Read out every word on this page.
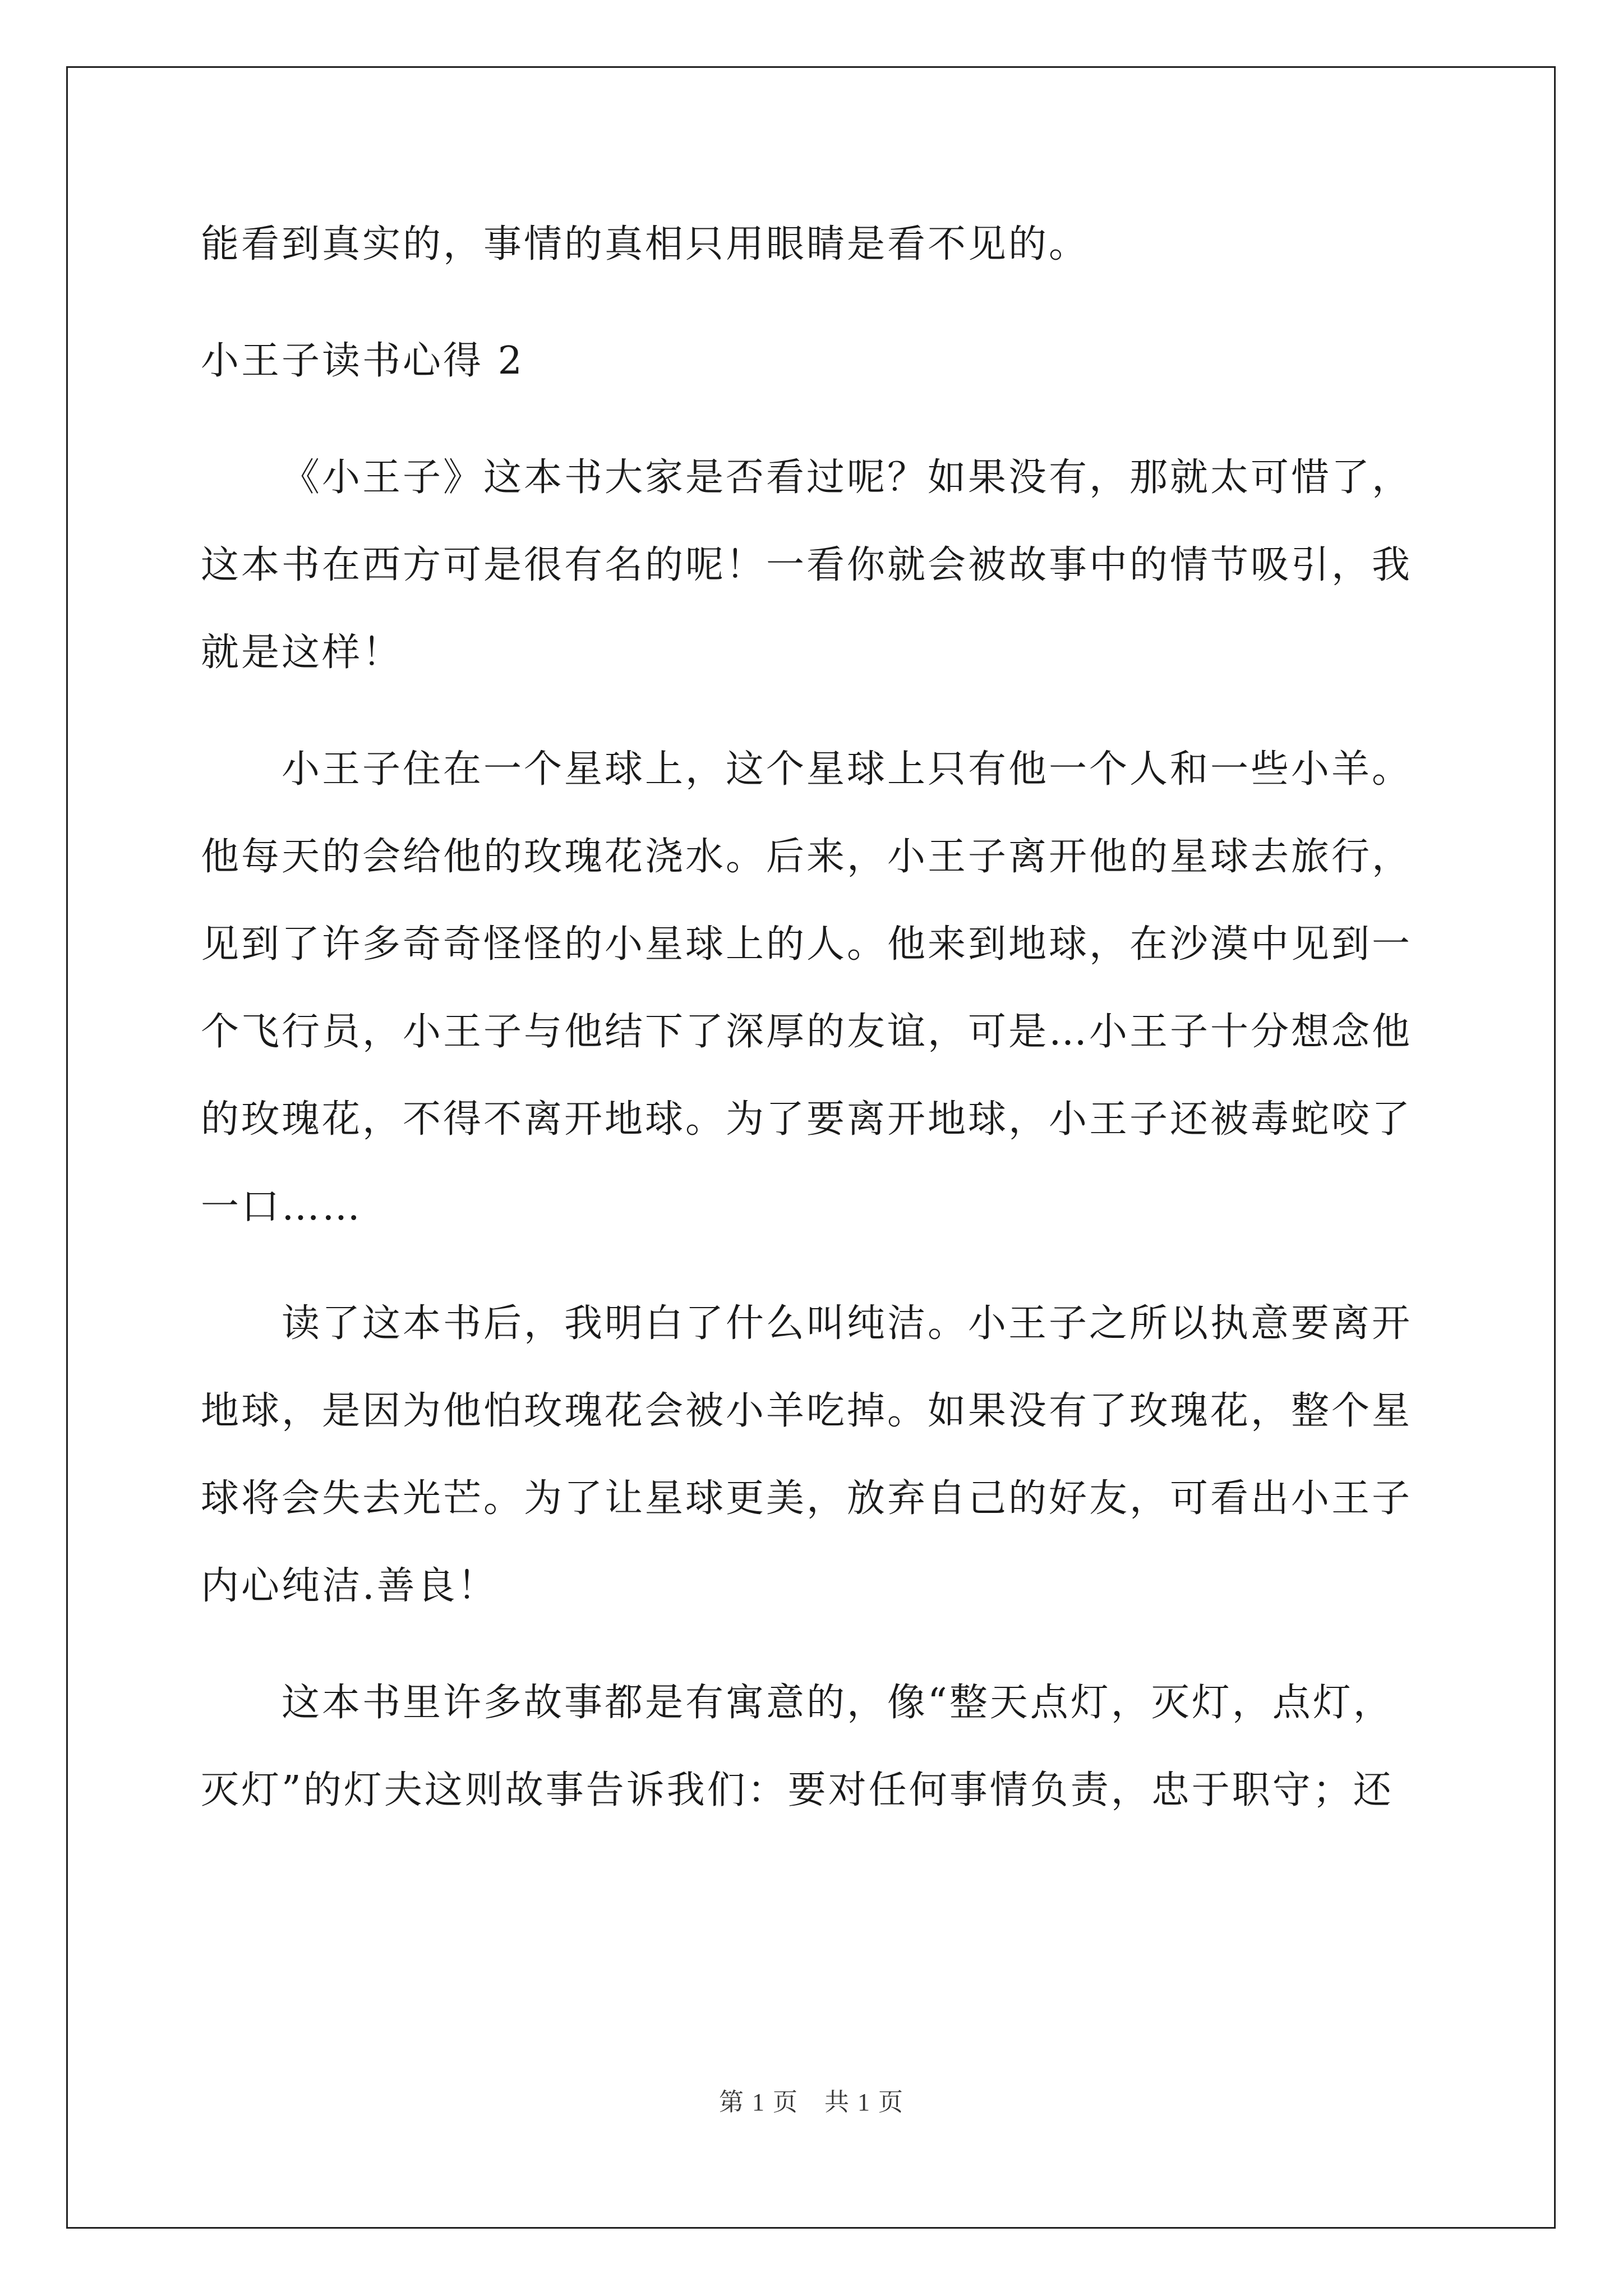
能看到真实的，事情的真相只用眼睛是看不见的。
小王子读书心得 2
《小王子》这本书大家是否看过呢？如果没有，那就太可惜了，
这本书在西方可是很有名的呢！一看你就会被故事中的情节吸引，我
就是这样！
小王子住在一个星球上，这个星球上只有他一个人和一些小羊。
他每天的会给他的玫瑰花浇水。后来，小王子离开他的星球去旅行，
见到了许多奇奇怪怪的小星球上的人。他来到地球，在沙漠中见到一
个飞行员，小王子与他结下了深厚的友谊，可是…小王子十分想念他
的玫瑰花，不得不离开地球。为了要离开地球，小王子还被毒蛇咬了
一口……
读了这本书后，我明白了什么叫纯洁。小王子之所以执意要离开
地球，是因为他怕玫瑰花会被小羊吃掉。如果没有了玫瑰花，整个星
球将会失去光芒。为了让星球更美，放弃自己的好友，可看出小王子
内心纯洁.善良！
这本书里许多故事都是有寓意的，像“整天点灯，灭灯，点灯，
灭灯”的灯夫这则故事告诉我们：要对任何事情负责，忠于职守；还
第 1 页　共 1 页
